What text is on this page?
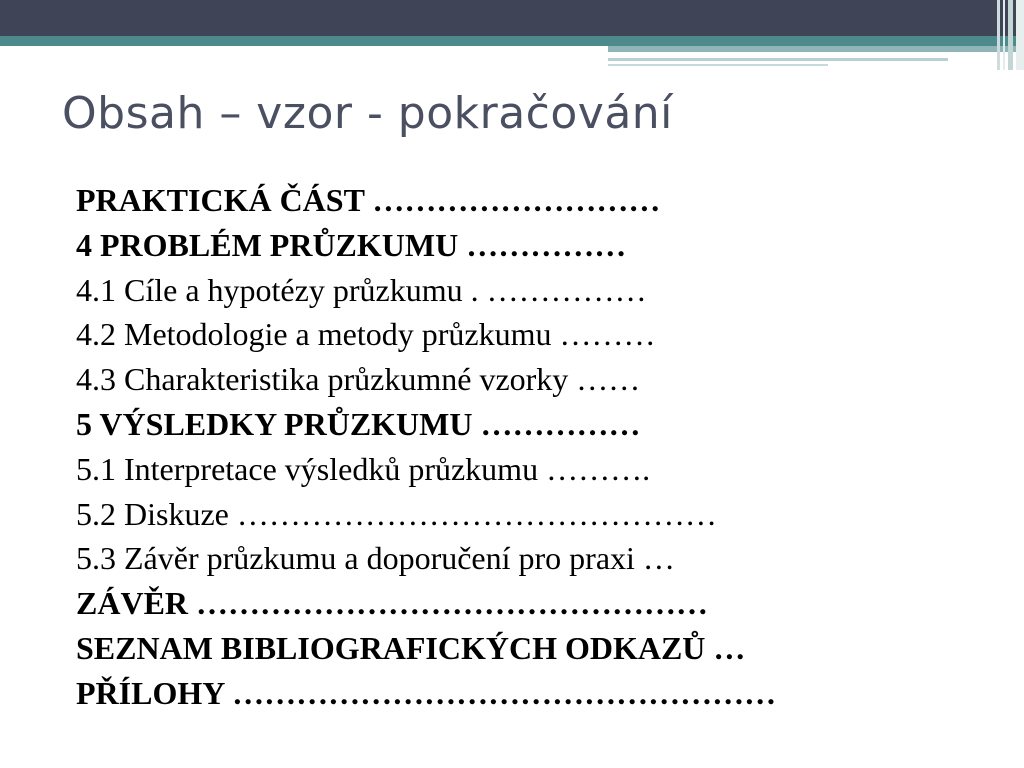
Obsah – vzor - pokračování
PRAKTICKÁ ČÁST ………………………
4 PROBLÉM PRŮZKUMU ……………
4.1 Cíle a hypotézy průzkumu . ……………
4.2 Metodologie a metody průzkumu ………
4.3 Charakteristika průzkumné vzorky ……
5 VÝSLEDKY PRŮZKUMU ……………
5.1 Interpretace výsledků průzkumu ……….
5.2 Diskuze ………………………………………
5.3 Závěr průzkumu a doporučení pro praxi …
ZÁVĚR …………………………………………
SEZNAM BIBLIOGRAFICKÝCH ODKAZŮ …
PŘÍLOHY ……………………………………………
